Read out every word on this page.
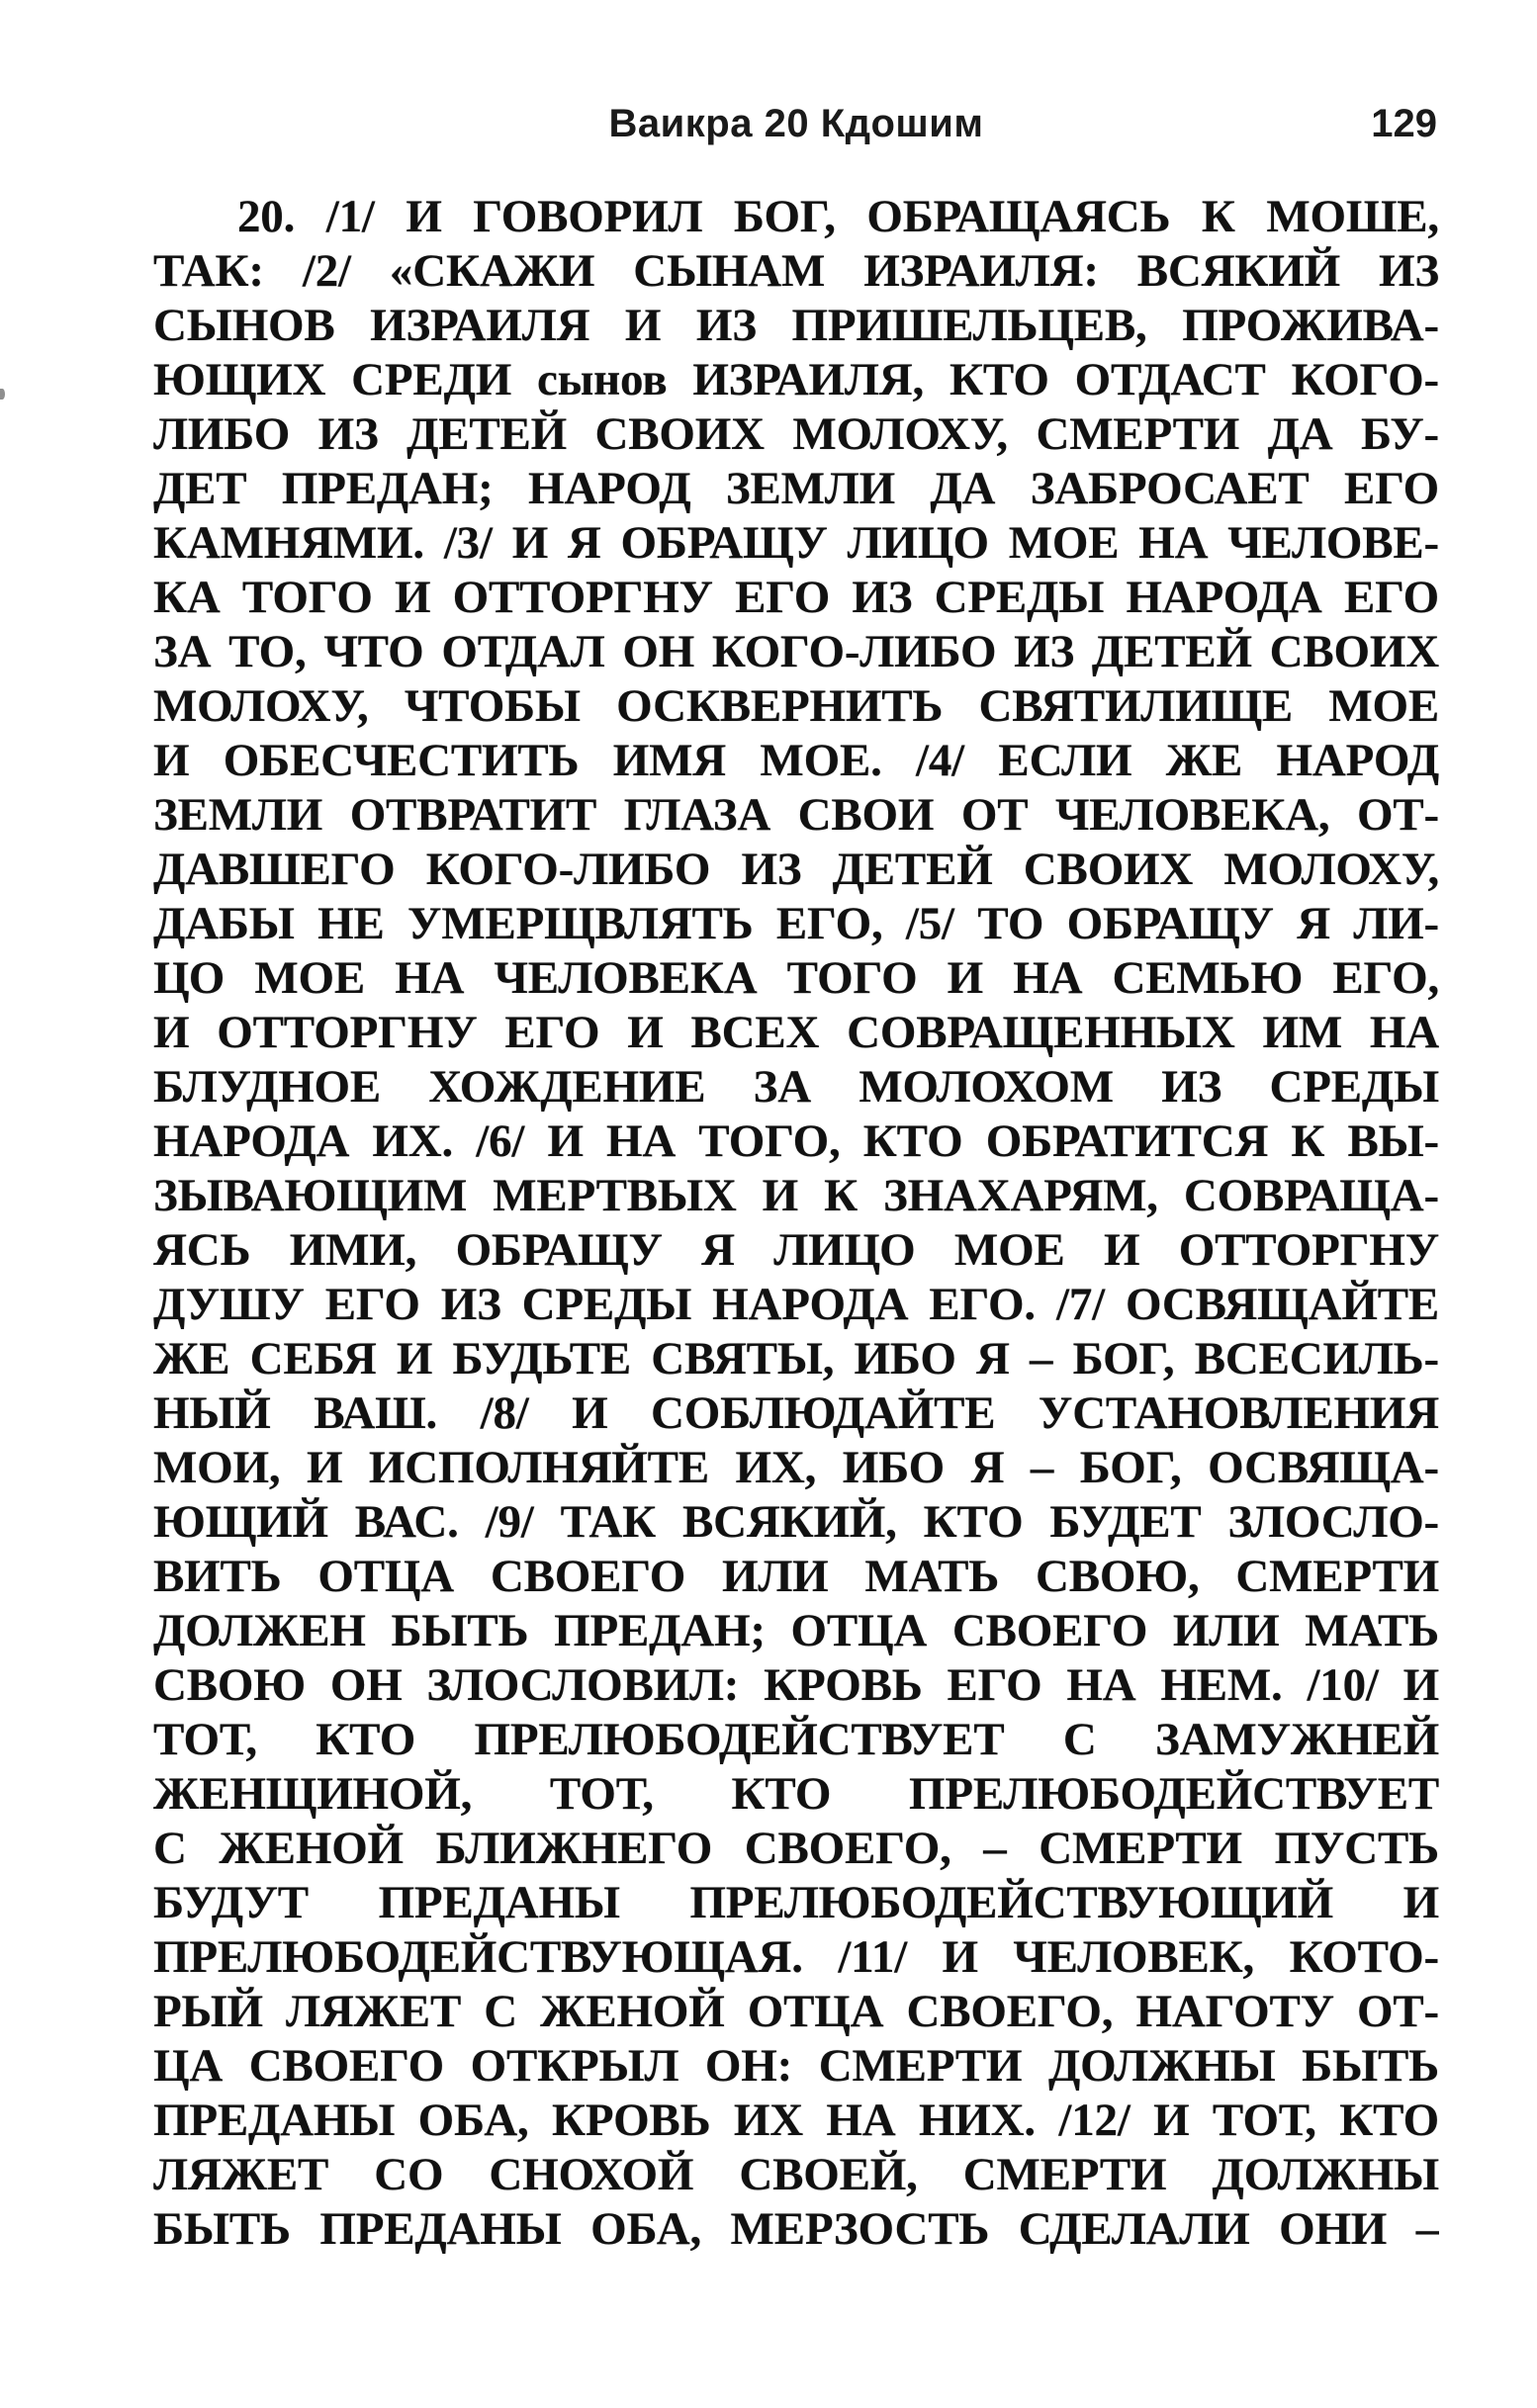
Ваикра 20 Кдошим	129
20. /1/ И ГОВОРИЛ БОГ, ОБРАЩАЯСЬ К МОШЕ,
ТАК: /2/ «СКАЖИ СЫНАМ ИЗРАИЛЯ: ВСЯКИЙ ИЗ
СЫНОВ ИЗРАИЛЯ И ИЗ ПРИШЕЛЬЦЕВ, ПРОЖИВА-
ЮЩИХ СРЕДИ сынов ИЗРАИЛЯ, КТО ОТДАСТ КОГО-
ЛИБО ИЗ ДЕТЕЙ СВОИХ МОЛОХУ, СМЕРТИ ДА БУ-
ДЕТ ПРЕДАН; НАРОД ЗЕМЛИ ДА ЗАБРОСАЕТ ЕГО
КАМНЯМИ. /3/ И Я ОБРАЩУ ЛИЦО МОЕ НА ЧЕЛОВЕ-
КА ТОГО И ОТТОРГНУ ЕГО ИЗ СРЕДЫ НАРОДА ЕГО
ЗА ТО, ЧТО ОТДАЛ ОН КОГО-ЛИБО ИЗ ДЕТЕЙ СВОИХ
МОЛОХУ, ЧТОБЫ ОСКВЕРНИТЬ СВЯТИЛИЩЕ МОЕ
И ОБЕСЧЕСТИТЬ ИМЯ МОЕ. /4/ ЕСЛИ ЖЕ НАРОД
ЗЕМЛИ ОТВРАТИТ ГЛАЗА СВОИ ОТ ЧЕЛОВЕКА, ОТ-
ДАВШЕГО КОГО-ЛИБО ИЗ ДЕТЕЙ СВОИХ МОЛОХУ,
ДАБЫ НЕ УМЕРЩВЛЯТЬ ЕГО, /5/ ТО ОБРАЩУ Я ЛИ-
ЦО МОЕ НА ЧЕЛОВЕКА ТОГО И НА СЕМЬЮ ЕГО,
И ОТТОРГНУ ЕГО И ВСЕХ СОВРАЩЕННЫХ ИМ НА
БЛУДНОЕ ХОЖДЕНИЕ ЗА МОЛОХОМ ИЗ СРЕДЫ
НАРОДА ИХ. /6/ И НА ТОГО, КТО ОБРАТИТСЯ К ВЫ-
ЗЫВАЮЩИМ МЕРТВЫХ И К ЗНАХАРЯМ, СОВРАЩА-
ЯСЬ ИМИ, ОБРАЩУ Я ЛИЦО МОЕ И ОТТОРГНУ
ДУШУ ЕГО ИЗ СРЕДЫ НАРОДА ЕГО. /7/ ОСВЯЩАЙТЕ
ЖЕ СЕБЯ И БУДЬТЕ СВЯТЫ, ИБО Я – БОГ, ВСЕСИЛЬ-
НЫЙ ВАШ. /8/ И СОБЛЮДАЙТЕ УСТАНОВЛЕНИЯ
МОИ, И ИСПОЛНЯЙТЕ ИХ, ИБО Я – БОГ, ОСВЯЩА-
ЮЩИЙ ВАС. /9/ ТАК ВСЯКИЙ, КТО БУДЕТ ЗЛОСЛО-
ВИТЬ ОТЦА СВОЕГО ИЛИ МАТЬ СВОЮ, СМЕРТИ
ДОЛЖЕН БЫТЬ ПРЕДАН; ОТЦА СВОЕГО ИЛИ МАТЬ
СВОЮ ОН ЗЛОСЛОВИЛ: КРОВЬ ЕГО НА НЕМ. /10/ И
ТОТ, КТО ПРЕЛЮБОДЕЙСТВУЕТ С ЗАМУЖНЕЙ
ЖЕНЩИНОЙ, ТОТ, КТО ПРЕЛЮБОДЕЙСТВУЕТ
С ЖЕНОЙ БЛИЖНЕГО СВОЕГО, – СМЕРТИ ПУСТЬ
БУДУТ ПРЕДАНЫ ПРЕЛЮБОДЕЙСТВУЮЩИЙ И
ПРЕЛЮБОДЕЙСТВУЮЩАЯ. /11/ И ЧЕЛОВЕК, КОТО-
РЫЙ ЛЯЖЕТ С ЖЕНОЙ ОТЦА СВОЕГО, НАГОТУ ОТ-
ЦА СВОЕГО ОТКРЫЛ ОН: СМЕРТИ ДОЛЖНЫ БЫТЬ
ПРЕДАНЫ ОБА, КРОВЬ ИХ НА НИХ. /12/ И ТОТ, КТО
ЛЯЖЕТ СО СНОХОЙ СВОЕЙ, СМЕРТИ ДОЛЖНЫ
БЫТЬ ПРЕДАНЫ ОБА, МЕРЗОСТЬ СДЕЛАЛИ ОНИ –
